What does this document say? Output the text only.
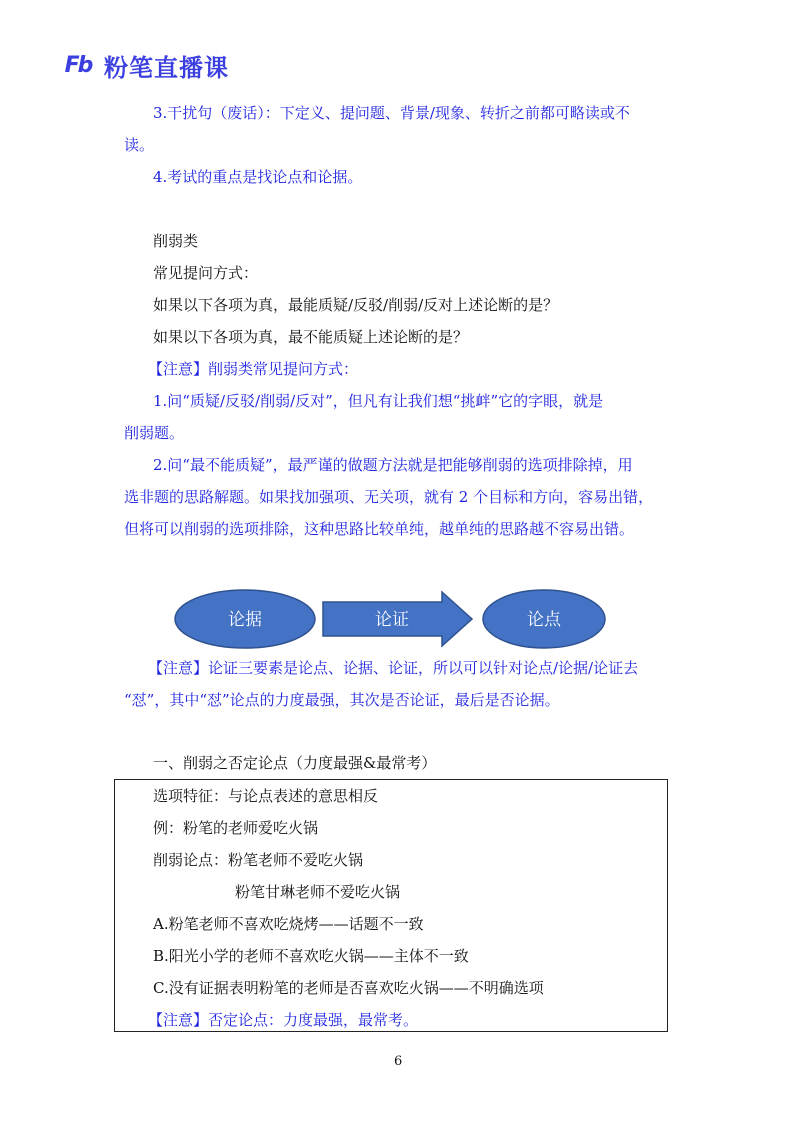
Fb 粉笔直播课
3.干扰句（废话）：下定义、提问题、背景/现象、转折之前都可略读或不
读。
4.考试的重点是找论点和论据。
削弱类
常见提问方式：
如果以下各项为真，最能质疑/反驳/削弱/反对上述论断的是？
如果以下各项为真，最不能质疑上述论断的是？
【注意】削弱类常见提问方式：
1.问“质疑/反驳/削弱/反对”，但凡有让我们想“挑衅”它的字眼，就是
削弱题。
2.问“最不能质疑”，最严谨的做题方法就是把能够削弱的选项排除掉，用
选非题的思路解题。如果找加强项、无关项，就有 2 个目标和方向，容易出错，
但将可以削弱的选项排除，这种思路比较单纯，越单纯的思路越不容易出错。
论据	论证	论点
【注意】论证三要素是论点、论据、论证，所以可以针对论点/论据/论证去
“怼”，其中“怼”论点的力度最强，其次是否论证，最后是否论据。
一、削弱之否定论点（力度最强&最常考）
选项特征：与论点表述的意思相反
例：粉笔的老师爱吃火锅
削弱论点：粉笔老师不爱吃火锅
粉笔甘琳老师不爱吃火锅
A.粉笔老师不喜欢吃烧烤——话题不一致
B.阳光小学的老师不喜欢吃火锅——主体不一致
C.没有证据表明粉笔的老师是否喜欢吃火锅——不明确选项
【注意】否定论点：力度最强，最常考。
6
